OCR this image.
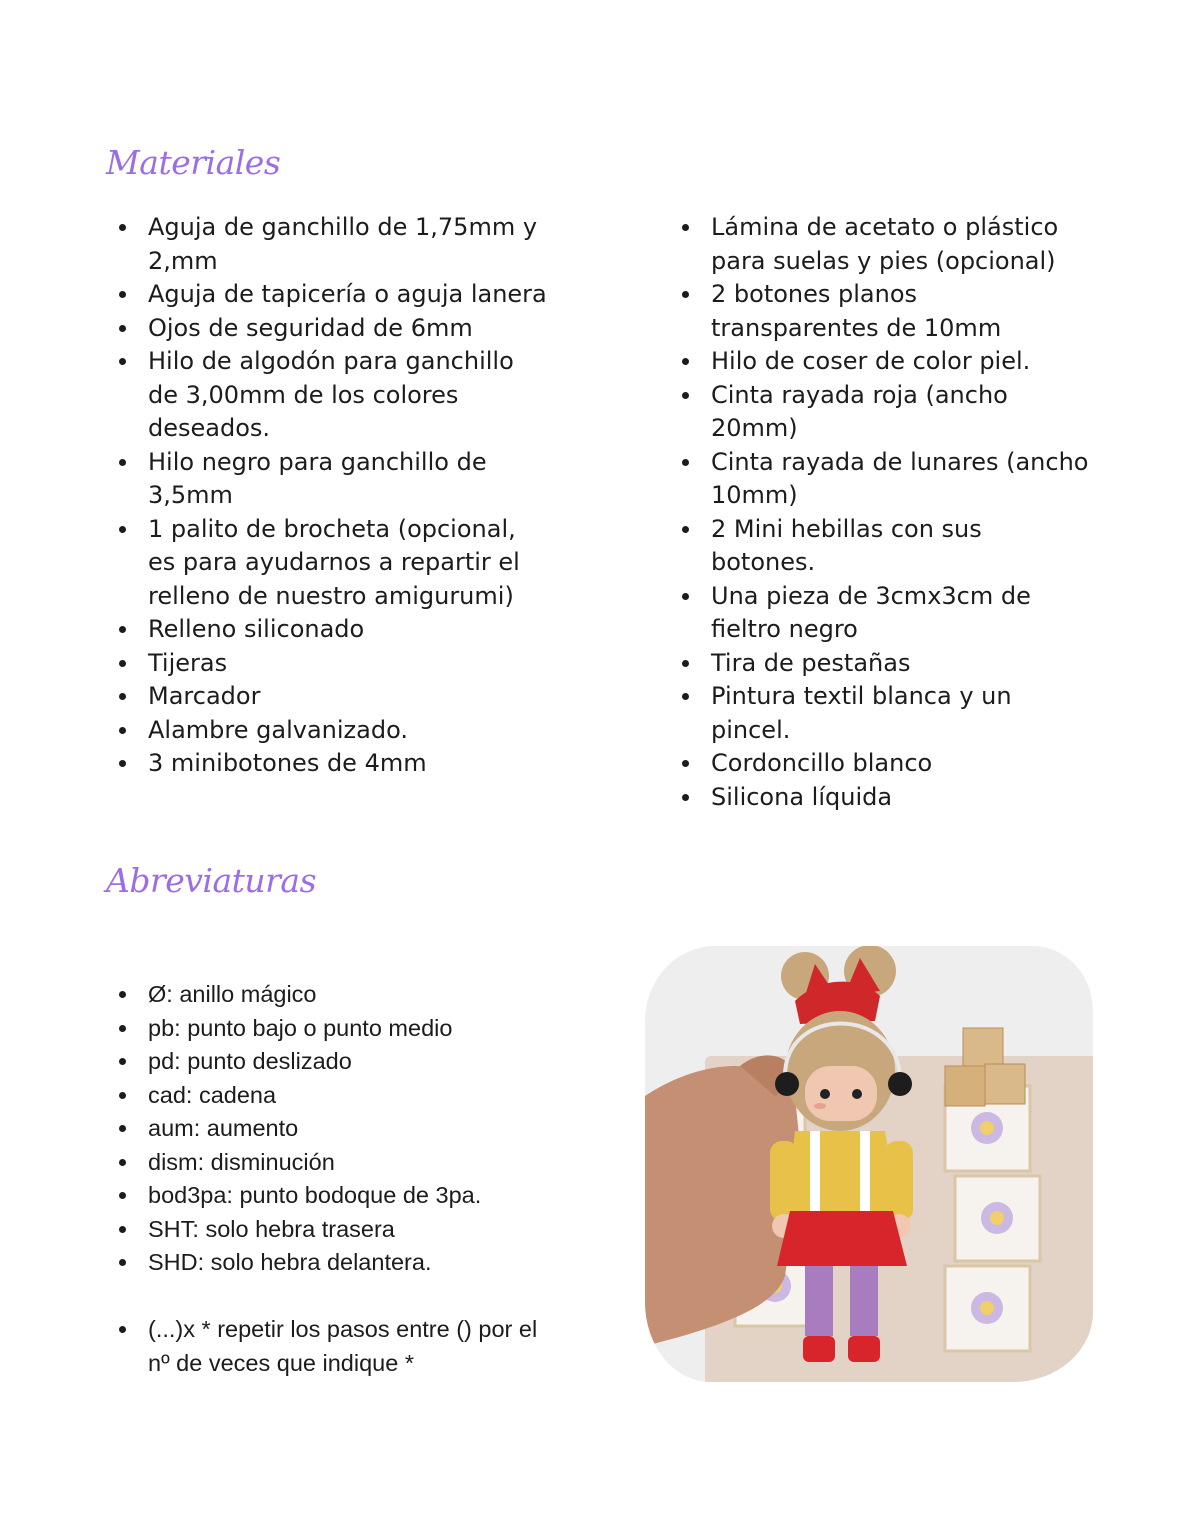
Materiales
Aguja de ganchillo de 1,75mm y 2,mm
Aguja de tapicería o aguja lanera
Ojos de seguridad de 6mm
Hilo de algodón para ganchillo de 3,00mm de los colores deseados.
Hilo negro para ganchillo de 3,5mm
1 palito de brocheta (opcional, es para ayudarnos a repartir el relleno de nuestro amigurumi)
Relleno siliconado
Tijeras
Marcador
Alambre galvanizado.
3 minibotones de 4mm
Lámina de acetato o plástico para suelas y pies (opcional)
2 botones planos transparentes de 10mm
Hilo de coser de color piel.
Cinta rayada roja (ancho 20mm)
Cinta rayada de lunares (ancho 10mm)
2 Mini hebillas con sus botones.
Una pieza de 3cmx3cm de fieltro negro
Tira de pestañas
Pintura textil blanca y un pincel.
Cordoncillo blanco
Silicona líquida
Abreviaturas
Ø: anillo mágico
pb: punto bajo o punto medio
pd: punto deslizado
cad: cadena
aum: aumento
dism: disminución
bod3pa: punto bodoque de 3pa.
SHT: solo hebra trasera
SHD: solo hebra delantera.
(...)x * repetir los pasos entre () por el nº de veces que indique *
